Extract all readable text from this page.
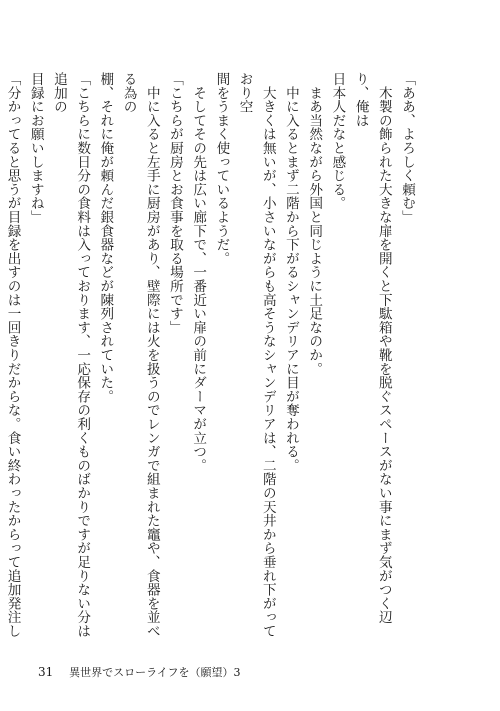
「ああ、よろしく頼む」
　木製の飾られた大きな扉を開くと下駄箱や靴を脱ぐスペースがない事にまず気がつく辺り、俺は
日本人だなと感じる。
　まあ当然ながら外国と同じように土足なのか。
　中に入るとまず二階から下がるシャンデリアに目が奪われる。
　大きくは無いが、小さいながらも高そうなシャンデリアは、二階の天井から垂れ下がっており空
間をうまく使っているようだ。
　そしてその先は広い廊下で、一番近い扉の前にダーマが立つ。
「こちらが厨房とお食事を取る場所です」
　中に入ると左手に厨房があり、壁際には火を扱うのでレンガで組まれた竈や、食器を並べる為の
棚、それに俺が頼んだ銀食器などが陳列されていた。
「こちらに数日分の食料は入っております、一応保存の利くものばかりですが足りない分は追加の
目録にお願いしますね」
「分かってると思うが目録を出すのは一回きりだからな。食い終わったからって追加発注し
31 異世界でスローライフを（願望）3
